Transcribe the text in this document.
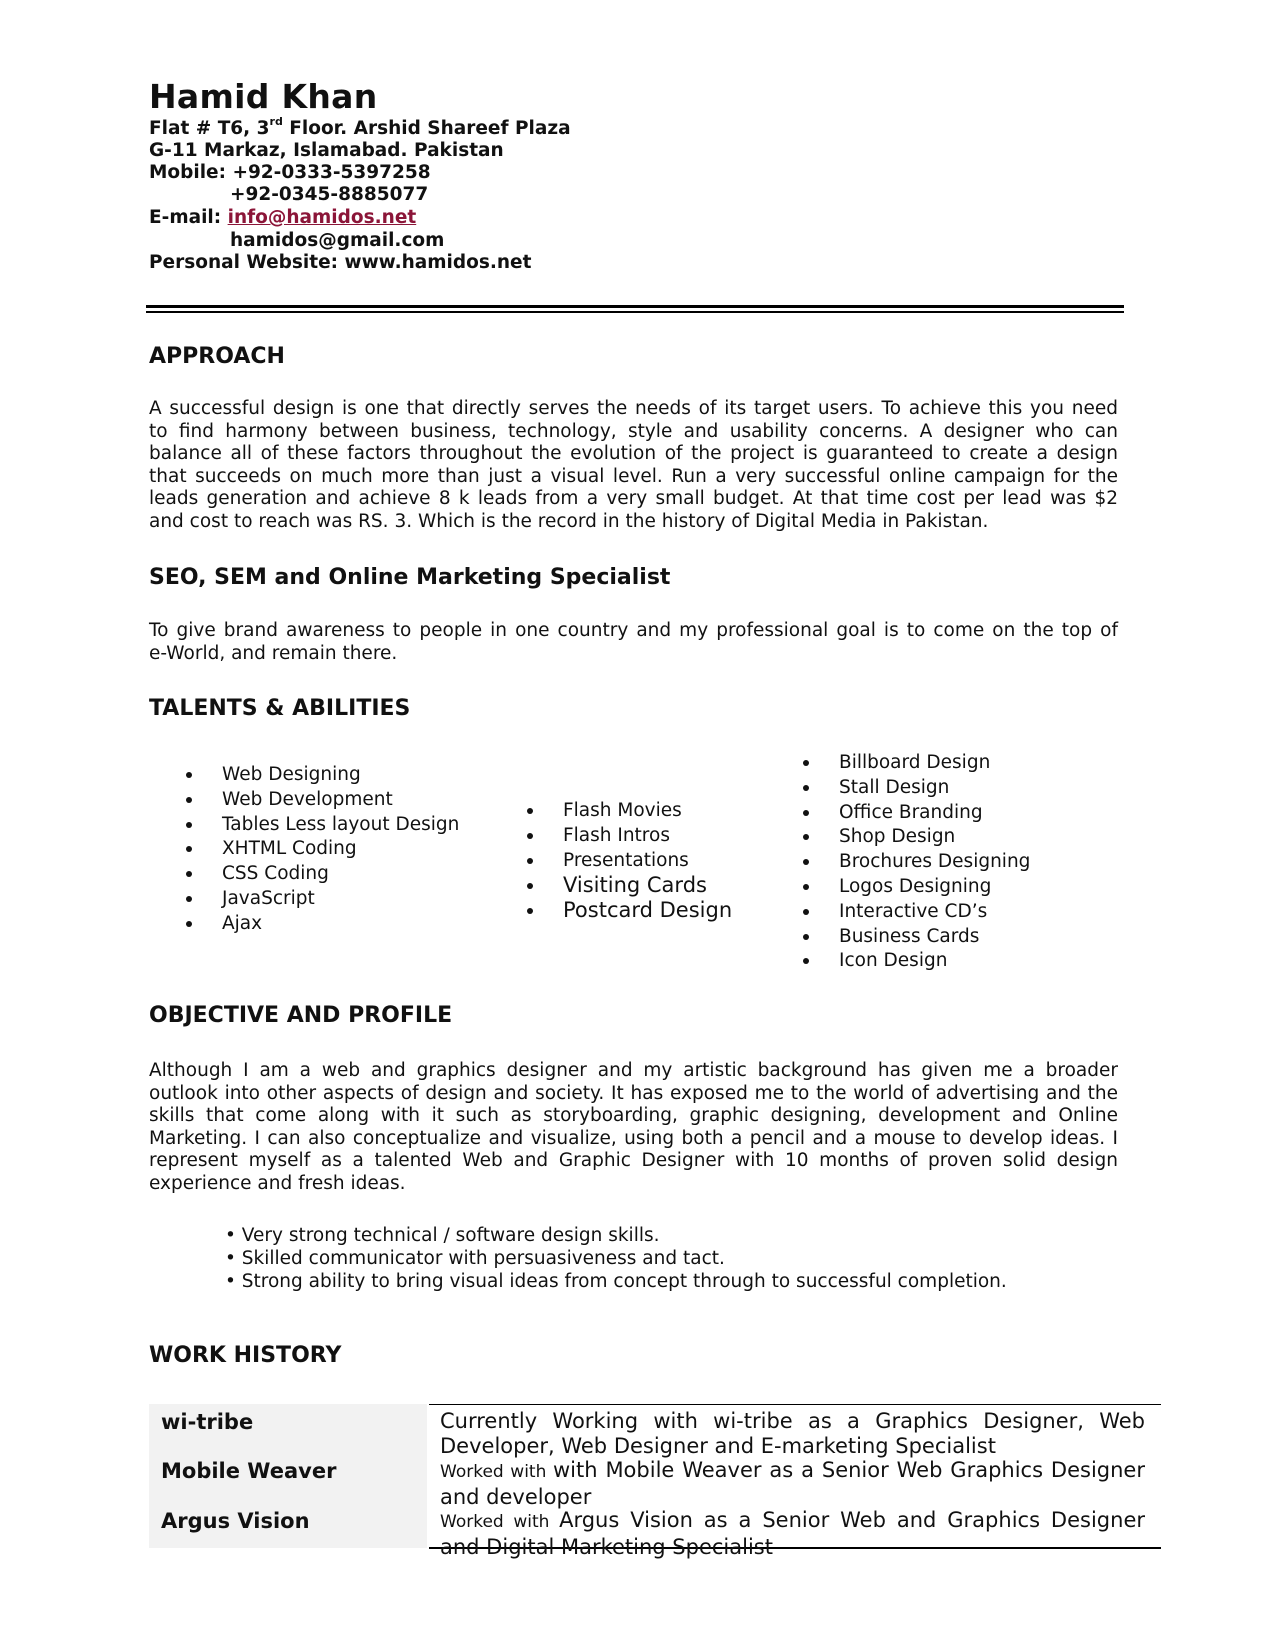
Hamid Khan
Flat # T6, 3rd Floor. Arshid Shareef Plaza
G-11 Markaz, Islamabad. Pakistan
Mobile: +92-0333-5397258
+92-0345-8885077
E-mail: info@hamidos.net
hamidos@gmail.com
Personal Website: www.hamidos.net
APPROACH
A successful design is one that directly serves the needs of its target users. To achieve this you need
to find harmony between business, technology, style and usability concerns. A designer who can
balance all of these factors throughout the evolution of the project is guaranteed to create a design
that succeeds on much more than just a visual level. Run a very successful online campaign for the
leads generation and achieve 8 k leads from a very small budget. At that time cost per lead was $2
and cost to reach was RS. 3. Which is the record in the history of Digital Media in Pakistan.
SEO, SEM and Online Marketing Specialist
To give brand awareness to people in one country and my professional goal is to come on the top of
e-World, and remain there.
TALENTS & ABILITIES
Web Designing
Web Development
Tables Less layout Design
XHTML Coding
CSS Coding
JavaScript
Ajax
Flash Movies
Flash Intros
Presentations
Visiting Cards
Postcard Design
Billboard Design
Stall Design
Office Branding
Shop Design
Brochures Designing
Logos Designing
Interactive CD’s
Business Cards
Icon Design
OBJECTIVE AND PROFILE
Although I am a web and graphics designer and my artistic background has given me a broader
outlook into other aspects of design and society. It has exposed me to the world of advertising and the
skills that come along with it such as storyboarding, graphic designing, development and Online
Marketing. I can also conceptualize and visualize, using both a pencil and a mouse to develop ideas. I
represent myself as a talented Web and Graphic Designer with 10 months of proven solid design
experience and fresh ideas.
• Very strong technical / software design skills.
• Skilled communicator with persuasiveness and tact.
• Strong ability to bring visual ideas from concept through to successful completion.
WORK HISTORY
wi-tribe	Currently Working with wi-tribe as a Graphics Designer, Web
Developer, Web Designer and E-marketing Specialist
Mobile Weaver	Worked with with Mobile Weaver as a Senior Web Graphics Designer
and developer
Argus Vision	Worked with Argus Vision as a Senior Web and Graphics Designer
and Digital Marketing Specialist
